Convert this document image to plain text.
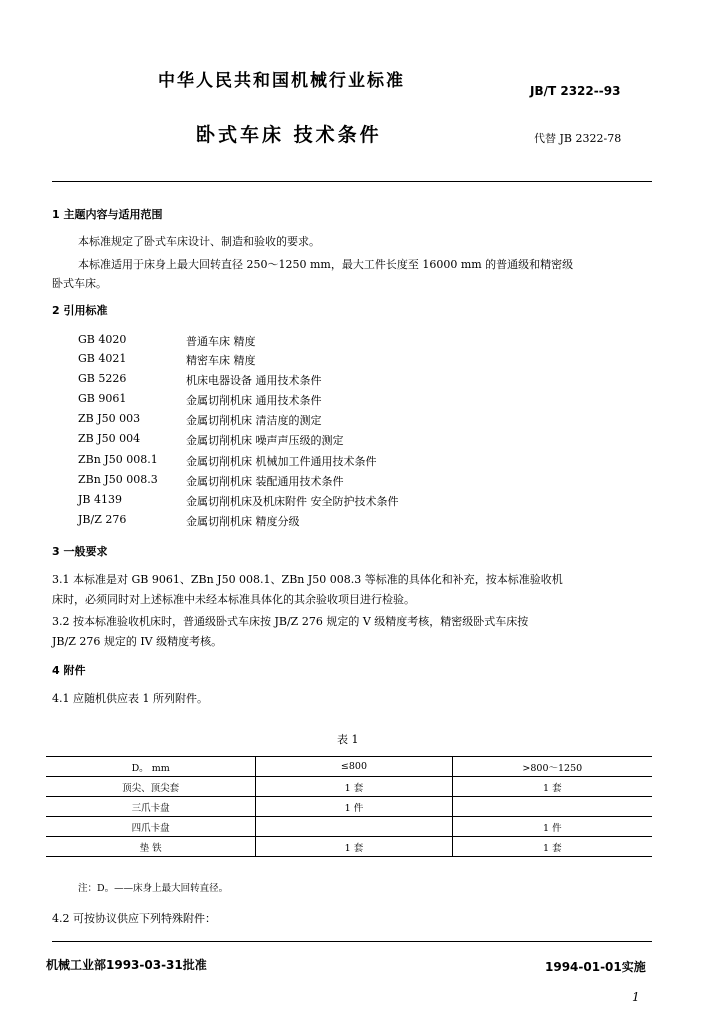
中华人民共和国机械行业标准	JB/T 2322--93
卧式车床 技术条件	代替 JB 2322-78
1 主题内容与适用范围
本标准规定了卧式车床设计、制造和验收的要求。
本标准适用于床身上最大回转直径 250～1250 mm，最大工件长度至 16000 mm 的普通级和精密级
卧式车床。
2 引用标准
GB 4020	普通车床 精度
GB 4021	精密车床 精度
GB 5226	机床电器设备 通用技术条件
GB 9061	金属切削机床 通用技术条件
ZB J50 003	金属切削机床 清洁度的测定
ZB J50 004	金属切削机床 噪声声压级的测定
ZBn J50 008.1	金属切削机床 机械加工件通用技术条件
ZBn J50 008.3	金属切削机床 装配通用技术条件
JB 4139	金属切削机床及机床附件 安全防护技术条件
JB/Z 276	金属切削机床 精度分级
3 一般要求
3.1 本标准是对 GB 9061、ZBn J50 008.1、ZBn J50 008.3 等标准的具体化和补充，按本标准验收机
床时，必须同时对上述标准中未经本标准具体化的其余验收项目进行检验。
3.2 按本标准验收机床时，普通级卧式车床按 JB/Z 276 规定的 V 级精度考核，精密级卧式车床按
JB/Z 276 规定的 IV 级精度考核。
4 附件
4.1 应随机供应表 1 所列附件。
表 1
D。 mm	≤800	>800～1250
顶尖、顶尖套	1 套	1 套
三爪卡盘	1 件	
四爪卡盘		1 件
垫 铁	1 套	1 套
注：D。——床身上最大回转直径。
4.2 可按协议供应下列特殊附件：
机械工业部1993-03-31批准	1994-01-01实施
1
